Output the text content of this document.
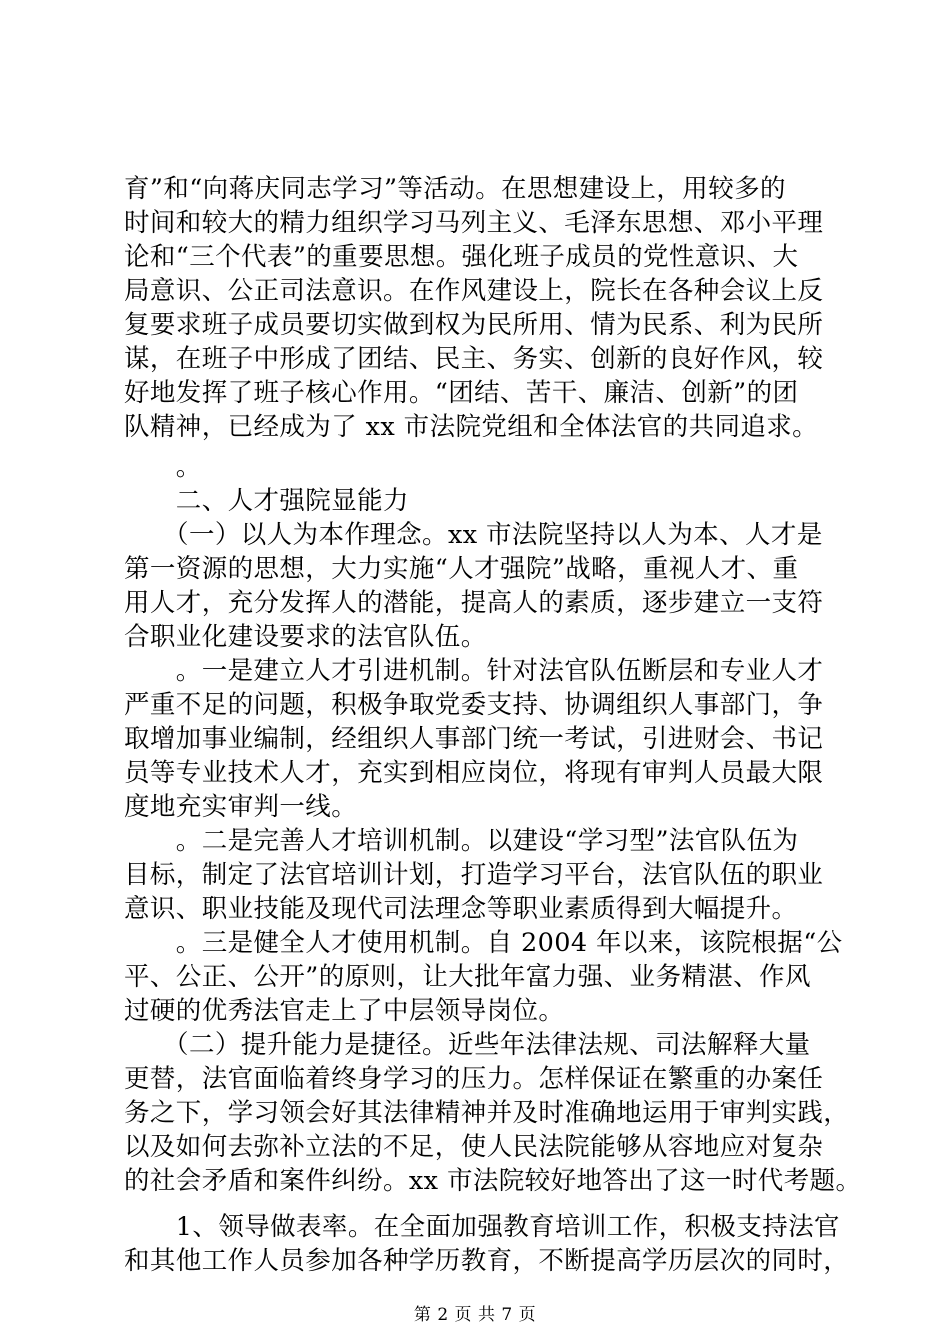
育”和“向蒋庆同志学习”等活动。在思想建设上，用较多的
时间和较大的精力组织学习马列主义、毛泽东思想、邓小平理
论和“三个代表”的重要思想。强化班子成员的党性意识、大
局意识、公正司法意识。在作风建设上，院长在各种会议上反
复要求班子成员要切实做到权为民所用、情为民系、利为民所
谋，在班子中形成了团结、民主、务实、创新的良好作风，较
好地发挥了班子核心作用。“团结、苦干、廉洁、创新”的团
队精神，已经成为了 xx 市法院党组和全体法官的共同追求。
　　。
　　二、人才强院显能力
　　（一）以人为本作理念。xx 市法院坚持以人为本、人才是
第一资源的思想，大力实施“人才强院”战略，重视人才、重
用人才，充分发挥人的潜能，提高人的素质，逐步建立一支符
合职业化建设要求的法官队伍。
　　。一是建立人才引进机制。针对法官队伍断层和专业人才
严重不足的问题，积极争取党委支持、协调组织人事部门，争
取增加事业编制，经组织人事部门统一考试，引进财会、书记
员等专业技术人才，充实到相应岗位，将现有审判人员最大限
度地充实审判一线。
　　。二是完善人才培训机制。以建设“学习型”法官队伍为
目标，制定了法官培训计划，打造学习平台，法官队伍的职业
意识、职业技能及现代司法理念等职业素质得到大幅提升。
　　。三是健全人才使用机制。自 2004 年以来，该院根据“公
平、公正、公开”的原则，让大批年富力强、业务精湛、作风
过硬的优秀法官走上了中层领导岗位。
　　（二）提升能力是捷径。近些年法律法规、司法解释大量
更替，法官面临着终身学习的压力。怎样保证在繁重的办案任
务之下，学习领会好其法律精神并及时准确地运用于审判实践，
以及如何去弥补立法的不足，使人民法院能够从容地应对复杂
的社会矛盾和案件纠纷。xx 市法院较好地答出了这一时代考题。
　　1、领导做表率。在全面加强教育培训工作，积极支持法官
和其他工作人员参加各种学历教育，不断提高学历层次的同时，
第 2 页 共 7 页
